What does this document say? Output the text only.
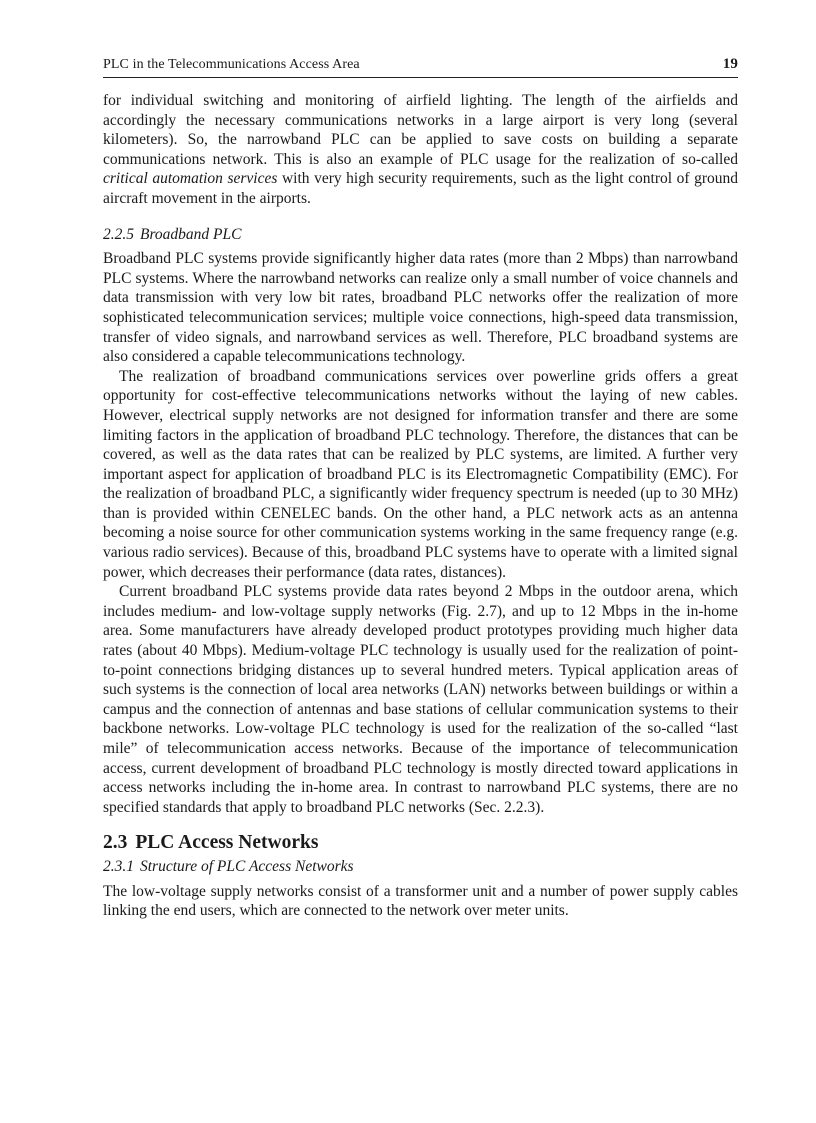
PLC in the Telecommunications Access Area	19

for individual switching and monitoring of airfield lighting. The length of the airfields and accordingly the necessary communications networks in a large airport is very long (several kilometers). So, the narrowband PLC can be applied to save costs on building a separate communications network. This is also an example of PLC usage for the realization of so-called critical automation services with very high security requirements, such as the light control of ground aircraft movement in the airports.

2.2.5 Broadband PLC

Broadband PLC systems provide significantly higher data rates (more than 2 Mbps) than narrowband PLC systems. Where the narrowband networks can realize only a small number of voice channels and data transmission with very low bit rates, broadband PLC networks offer the realization of more sophisticated telecommunication services; multiple voice connections, high-speed data transmission, transfer of video signals, and narrowband services as well. Therefore, PLC broadband systems are also considered a capable telecommunications technology.

The realization of broadband communications services over powerline grids offers a great opportunity for cost-effective telecommunications networks without the laying of new cables. However, electrical supply networks are not designed for information transfer and there are some limiting factors in the application of broadband PLC technology. Therefore, the distances that can be covered, as well as the data rates that can be realized by PLC systems, are limited. A further very important aspect for application of broadband PLC is its Electromagnetic Compatibility (EMC). For the realization of broadband PLC, a significantly wider frequency spectrum is needed (up to 30 MHz) than is provided within CENELEC bands. On the other hand, a PLC network acts as an antenna becoming a noise source for other communication systems working in the same frequency range (e.g. various radio services). Because of this, broadband PLC systems have to operate with a limited signal power, which decreases their performance (data rates, distances).

Current broadband PLC systems provide data rates beyond 2 Mbps in the outdoor arena, which includes medium- and low-voltage supply networks (Fig. 2.7), and up to 12 Mbps in the in-home area. Some manufacturers have already developed product prototypes providing much higher data rates (about 40 Mbps). Medium-voltage PLC technology is usually used for the realization of point-to-point connections bridging distances up to several hundred meters. Typical application areas of such systems is the connection of local area networks (LAN) networks between buildings or within a campus and the connection of antennas and base stations of cellular communication systems to their backbone networks. Low-voltage PLC technology is used for the realization of the so-called “last mile” of telecommunication access networks. Because of the importance of telecommunication access, current development of broadband PLC technology is mostly directed toward applications in access networks including the in-home area. In contrast to narrowband PLC systems, there are no specified standards that apply to broadband PLC networks (Sec. 2.2.3).

2.3 PLC Access Networks
2.3.1 Structure of PLC Access Networks

The low-voltage supply networks consist of a transformer unit and a number of power supply cables linking the end users, which are connected to the network over meter units.
